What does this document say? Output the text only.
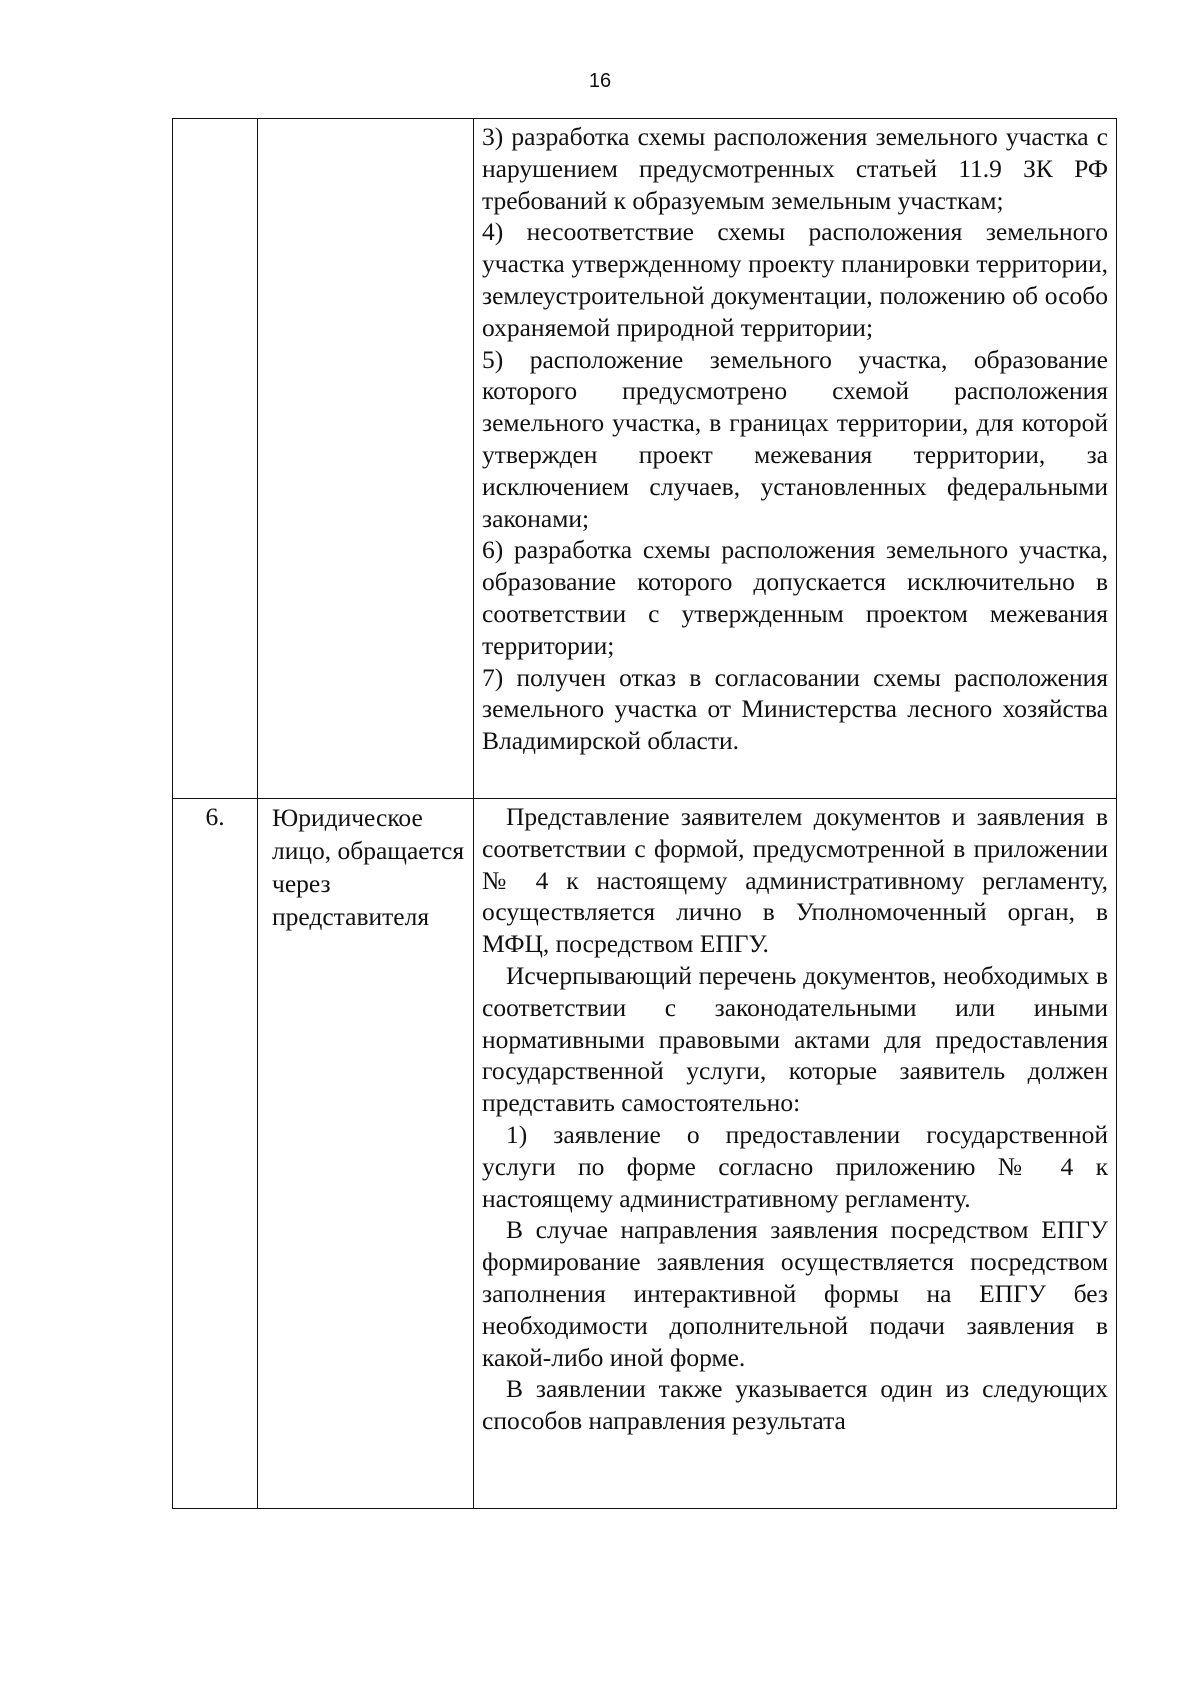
16

		3) разработка схемы расположения земельного участка с нарушением предусмотренных статьей 11.9 ЗК РФ требований к образуемым земельным участкам;

4) несоответствие схемы расположения земельного участка утвержденному проекту планировки территории, землеустроительной документации, положению об особо охраняемой природной территории;

5) расположение земельного участка, образование которого предусмотрено схемой расположения земельного участка, в границах территории, для которой утвержден проект межевания территории, за исключением случаев, установленных федеральными законами;

6) разработка схемы расположения земельного участка, образование которого допускается исключительно в соответствии с утвержденным проектом межевания территории;

7) получен отказ в согласовании схемы расположения земельного участка от Министерства лесного хозяйства Владимирской области.

6.	Юридическое лицо, обращается через представителя	Представление заявителем документов и заявления в соответствии с формой, предусмотренной в приложении № 4 к настоящему административному регламенту, осуществляется лично в Уполномоченный орган, в МФЦ, посредством ЕПГУ.

Исчерпывающий перечень документов, необходимых в соответствии с законодательными или иными нормативными правовыми актами для предоставления государственной услуги, которые заявитель должен представить самостоятельно:

1) заявление о предоставлении государственной услуги по форме согласно приложению № 4 к настоящему административному регламенту.

В случае направления заявления посредством ЕПГУ формирование заявления осуществляется посредством заполнения интерактивной формы на ЕПГУ без необходимости дополнительной подачи заявления в какой-либо иной форме.

В заявлении также указывается один из следующих способов направления результата
